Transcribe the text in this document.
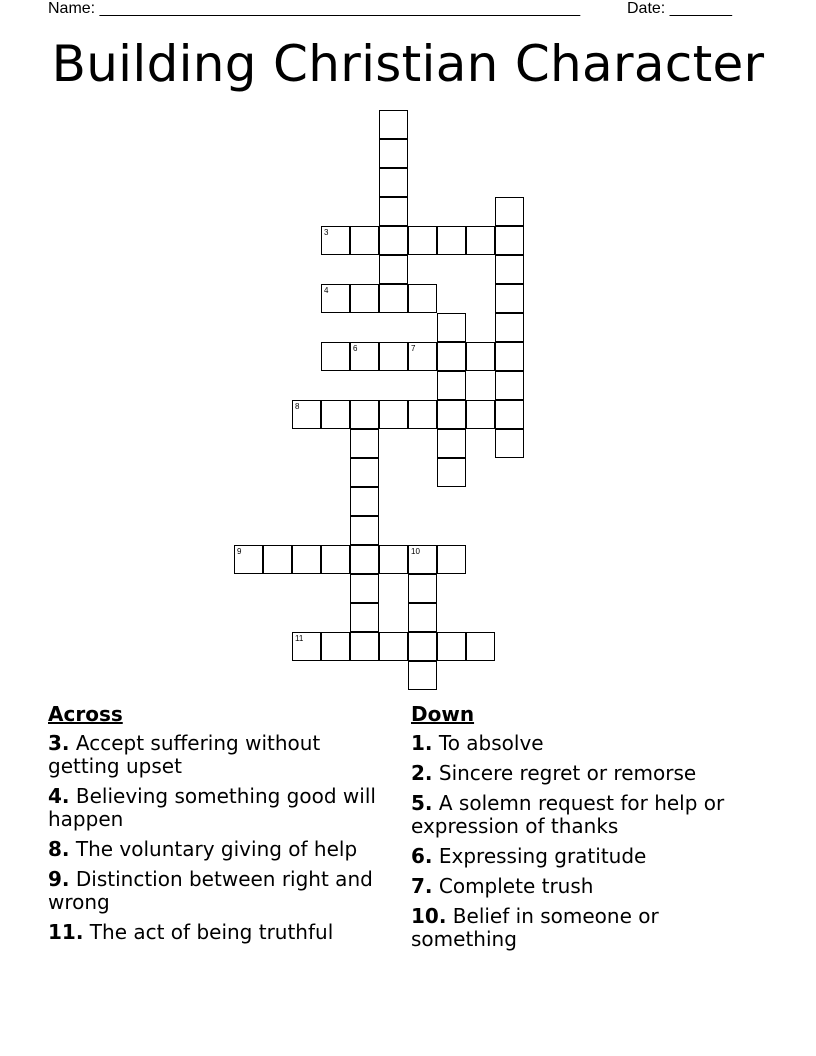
Name: ______________________________________________________	Date: _______
Building Christian Character
3
4
6	7
8
9	10
11
Across
3. Accept suffering without getting upset
4. Believing something good will happen
8. The voluntary giving of help
9. Distinction between right and wrong
11. The act of being truthful
Down
1. To absolve
2. Sincere regret or remorse
5. A solemn request for help or expression of thanks
6. Expressing gratitude
7. Complete trush
10. Belief in someone or something
